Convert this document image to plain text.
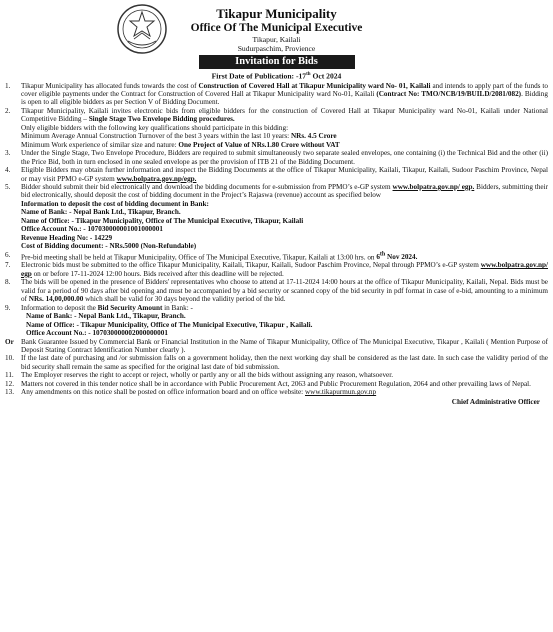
Tikapur Municipality
Office Of The Municipal Executive
Tikapur, Kailali
Sudurpaschim, Provience
Invitation for Bids
First Date of Publication: -17th Oct 2024
1.	Tikapur Municipality has allocated funds towards the cost of Construction of Covered Hall at Tikapur Municipality ward No- 01, Kailali and intends to apply part of the funds to cover eligible payments under the Contract for Construction of Covered Hall at Tikapur Municipality ward No-01, Kailali (Contract No: TMO/NCB/19/BUILD/2081/082). Bidding is open to all eligible bidders as per Section V of Bidding Document.
2.	Tikapur Municipality, Kailali invites electronic bids from eligible bidders for the construction of Covered Hall at Tikapur Municipality ward No-01, Kailali under National Competitive Bidding – Single Stage Two Envelope Bidding procedures.
Only eligible bidders with the following key qualifications should participate in this bidding:
Minimum Average Annual Construction Turnover of the best 3 years within the last 10 years: NRs. 4.5 Crore
Minimum Work experience of similar size and nature: One Project of Value of NRs.1.80 Crore without VAT
3.	Under the Single Stage, Two Envelope Procedure, Bidders are required to submit simultaneously two separate sealed envelopes, one containing (i) the Technical Bid and the other (ii) the Price Bid, both in turn enclosed in one sealed envelope as per the provision of ITB 21 of the Bidding Document.
4.	Eligible Bidders may obtain further information and inspect the Bidding Documents at the office of Tikapur Municipality, Kailali, Tikapur, Kailali, Sudoor Paschim Province, Nepal or may visit PPMO e-GP system www.bolpatra.gov.np/egp.
5.	Bidder should submit their bid electronically and download the bidding documents for e-submission from PPMO’s e-GP system www.bolpatra.gov.np/ egp. Bidders, submitting their bid electronically, should deposit the cost of bidding document in the Project’s Rajaswa (revenue) account as specified below
Information to deposit the cost of bidding document in Bank:
Name of Bank: - Nepal Bank Ltd., Tikapur, Branch.
Name of Office: - Tikapur Municipality, Office of The Municipal Executive, Tikapur, Kailali
Office Account No.: - 107030000001001000001
Revenue Heading No: - 14229
Cost of Bidding document: - NRs.5000 (Non-Refundable)
6.	Pre-bid meeting shall be held at Tikapur Municipality, Office of The Municipal Executive, Tikapur, Kailali at 13:00 hrs. on 6th Nov 2024.
7.	Electronic bids must be submitted to the office Tikapur Municipality, Kailali, Tikapur, Kailali, Sudoor Paschim Province, Nepal through PPMO’s e-GP system www.bolpatra.gov.np/ egp on or before 17-11-2024 12:00 hours. Bids received after this deadline will be rejected.
8.	The bids will be opened in the presence of Bidders' representatives who choose to attend at 17-11-2024 14:00 hours at the office of Tikapur Municipality, Kailali, Nepal. Bids must be valid for a period of 90 days after bid opening and must be accompanied by a bid security or scanned copy of the bid security in pdf format in case of e-bid, amounting to a minimum of NRs. 14,00,000.00 which shall be valid for 30 days beyond the validity period of the bid.
9.	Information to deposit the Bid Security Amount in Bank: -
Name of Bank: - Nepal Bank Ltd., Tikapur, Branch.
Name of Office: - Tikapur Municipality, Office of The Municipal Executive, Tikapur , Kailali.
Office Account No.: - 107030000002000000001
Or	Bank Guarantee Issued by Commercial Bank or Financial Institution in the Name of Tikapur Municipality, Office of The Municipal Executive, Tikapur , Kailali ( Mention Purpose of Deposit Stating Contract Identification Number clearly ).
10. If the last date of purchasing and /or submission falls on a government holiday, then the next working day shall be considered as the last date. In such case the validity period of the bid security shall remain the same as specified for the original last date of bid submission.
11.	The Employer reserves the right to accept or reject, wholly or partly any or all the bids without assigning any reason, whatsoever.
12. Matters not covered in this tender notice shall be in accordance with Public Procurement Act, 2063 and Public Procurement Regulation, 2064 and other prevailing laws of Nepal.
13. Any amendments on this notice shall be posted on office information board and on office website: www.tikapurmun.gov.np
Chief Administrative Officer
